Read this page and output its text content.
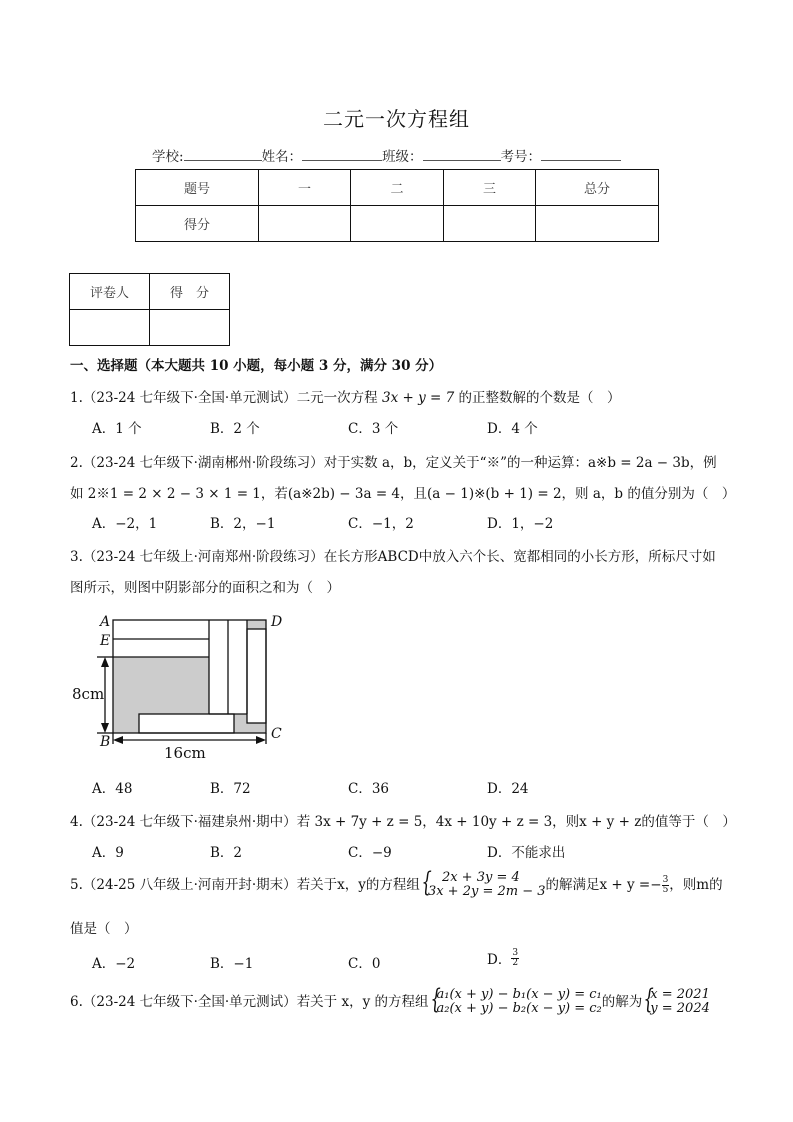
二元一次方程组
学校:	姓名：	班级：	考号：
题号	一	二	三	总分
得分				
评卷人	得　分

一、选择题（本大题共 10 小题，每小题 3 分，满分 30 分）
1.（23-24 七年级下·全国·单元测试）二元一次方程 3x + y = 7 的正整数解的个数是（　）
A．1 个	B．2 个	C．3 个	D．4 个
2.（23-24 七年级下·湖南郴州·阶段练习）对于实数 a，b，定义关于“※”的一种运算：a※b = 2a − 3b，例
如 2※1 = 2 × 2 − 3 × 1 = 1，若(a※2b) − 3a = 4，且(a − 1)※(b + 1) = 2，则 a，b 的值分别为（　）
A．−2，1	B．2，−1	C．−1，2	D．1，−2
3.（23-24 七年级上·河南郑州·阶段练习）在长方形ABCD中放入六个长、宽都相同的小长方形，所标尺寸如
图所示，则图中阴影部分的面积之和为（　）
A
E
B
D
C
8cm
16cm
A．48	B．72	C．36	D．24
4.（23-24 七年级下·福建泉州·期中）若 3x + 7y + z = 5，4x + 10y + z = 3，则x + y + z的值等于（　）
A．9	B．2	C．−9	D．不能求出
5.（24-25 八年级上·河南开封·期末）若关于x，y的方程组	{ 2x + 3y = 4
3x + 2y = 2m − 3 的解满足$x + y =- \frac{3}{5}$ ，则m的
值是（　）
A．−2	B．−1	C．0	D． $\frac{3}{2}$
6.（23-24 七年级下·全国·单元测试）若关于 x，y 的方程组 { a₁(x + y) − b₁(x − y) = c₁
a₂(x + y) − b₂(x − y) = c₂ 的解为 { x = 2021
y = 2024
